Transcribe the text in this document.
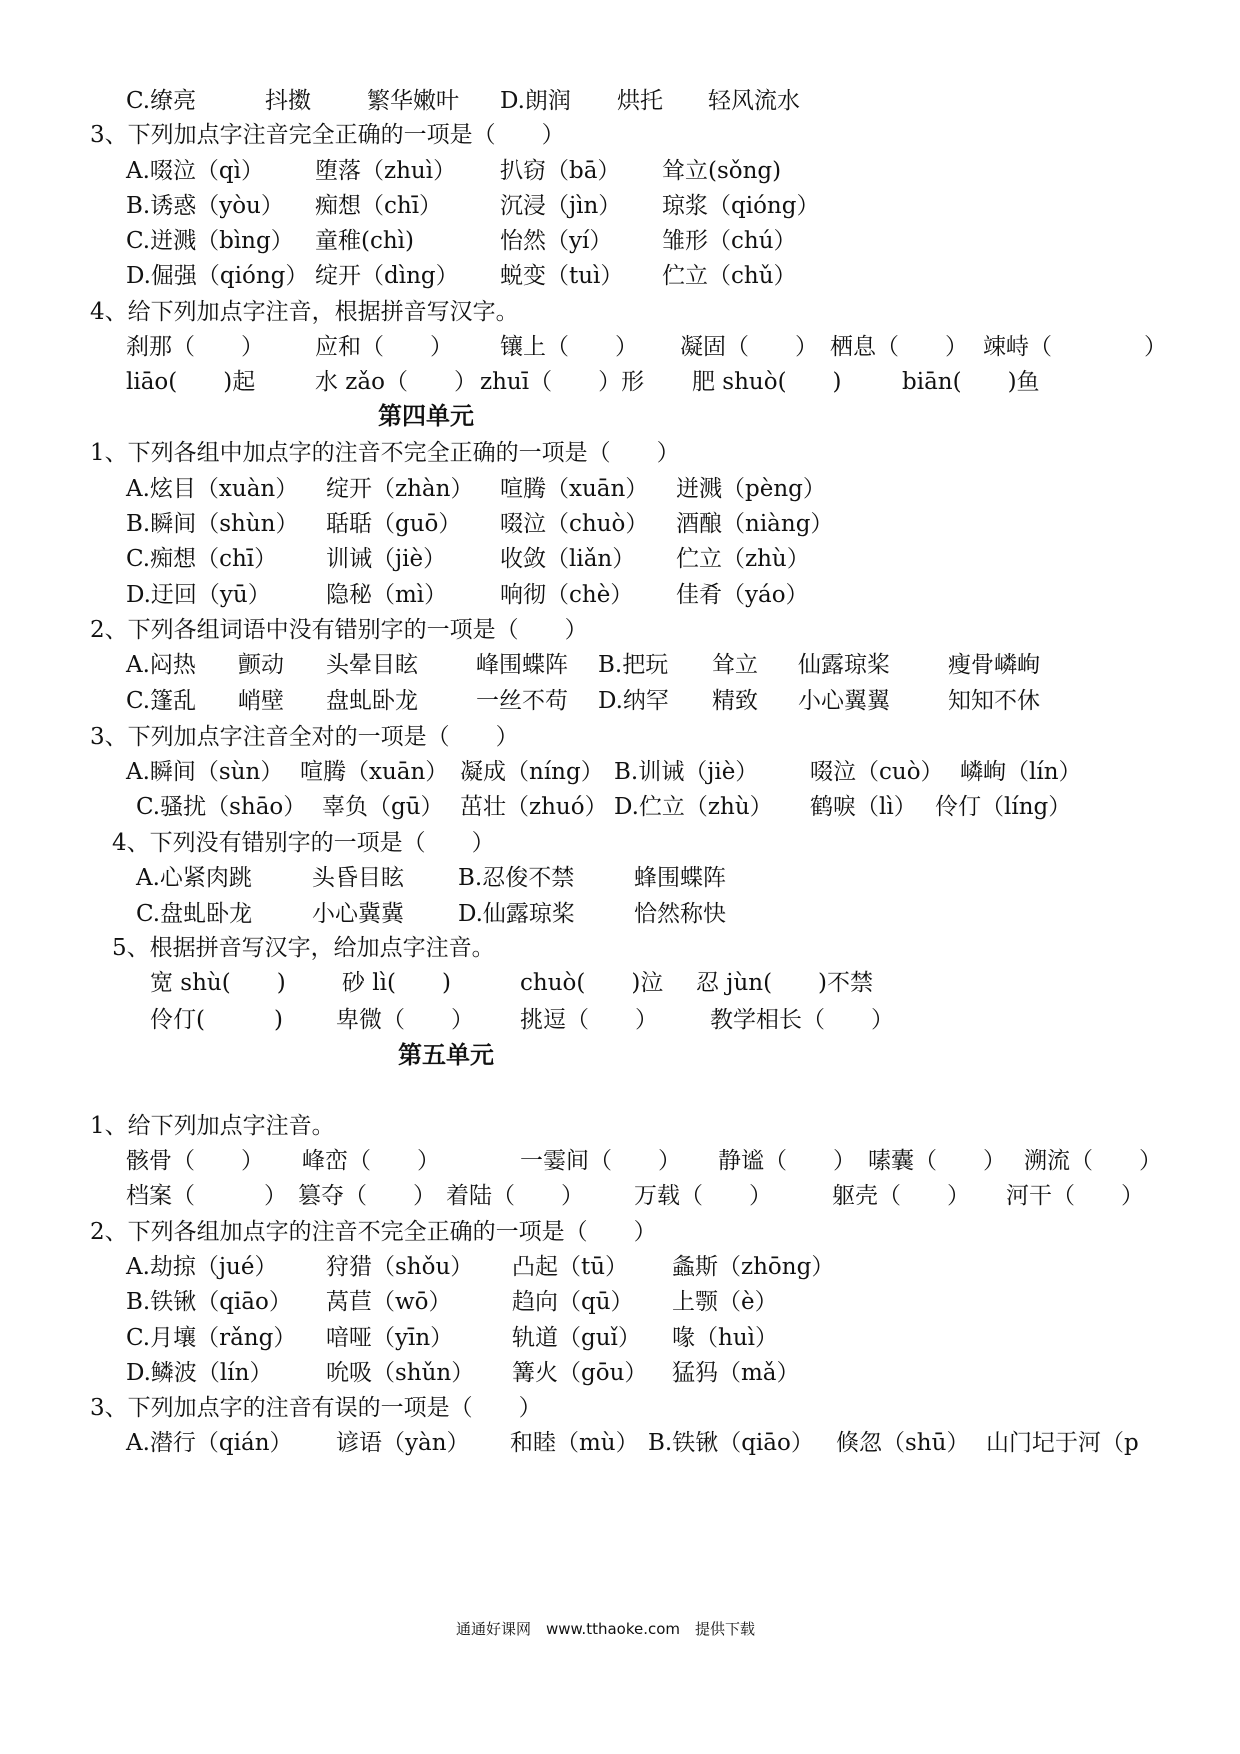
C.缭亮	抖擞 繁华嫩叶 D.朗润 烘托 轻风流水
3、下列加点字注音完全正确的一项是（　　）
A.啜泣（qì） 堕落（zhuì） 扒窃（bā） 耸立(sǒng)
B.诱惑（yòu） 痴想（chī）	沉浸（jìn） 琼浆（qióng）
C.迸溅（bìng） 童稚(chì)	怡然（yí） 雏形（chú）
D.倔强（qióng） 绽开（dìng） 蜕变（tuì） 伫立（chǔ）
4、给下列加点字注音，根据拼音写汉字。
刹那（　　） 应和（　　） 镶上（　　） 凝固（　　） 栖息（　　） 竦峙（　　　　）
liāo(　　)起	水 zǎo（　　） zhuī（　　）形 肥 shuò(　　)	biān(　　)鱼
第四单元
1、下列各组中加点字的注音不完全正确的一项是（　　）
A.炫目（xuàn） 绽开（zhàn） 喧腾（xuān） 迸溅（pèng）
B.瞬间（shùn） 聒聒（guō） 啜泣（chuò） 酒酿（niàng）
C.痴想（chī） 训诫（jiè） 收敛（liǎn） 伫立（zhù）
D.迂回（yū） 隐秘（mì） 响彻（chè） 佳肴（yáo）
2、下列各组词语中没有错别字的一项是（　　）
A.闷热 颤动 头晕目眩	峰围蝶阵 B.把玩 耸立 仙露琼桨	瘦骨嶙峋
C.篷乱 峭壁 盘虬卧龙	一丝不苟 D.纳罕 精致 小心翼翼	知知不休
3、下列加点字注音全对的一项是（　　）
A.瞬间（sùn） 喧腾（xuān） 凝成（níng） B.训诫（jiè） 啜泣（cuò） 嶙峋（lín）
C.骚扰（shāo） 辜负（gū） 茁壮（zhuó） D.伫立（zhù） 鹤唳（lì） 伶仃（líng）
4、下列没有错别字的一项是（　　）
A.心紧肉跳	头昏目眩 B.忍俊不禁	蜂围蝶阵
C.盘虬卧龙	小心冀冀 D.仙露琼桨	恰然称快
5、根据拼音写汉字，给加点字注音。
宽 shù(　　) 砂 lì(　　)	chuò(　　)泣 忍 jùn(　　)不禁
伶仃(　　　) 卑微（　　） 挑逗（　　） 教学相长（　　）
第五单元
1、给下列加点字注音。
骸骨（　　） 峰峦（　　）	一霎间（　　） 静谧（　　） 嗉囊（　　） 溯流（　　）
档案（　　　） 篡夺（　　） 着陆（　　） 万载（　　）	躯壳（　　） 河干（　　）
2、下列各组加点字的注音不完全正确的一项是（　　）
A.劫掠（jué） 狩猎（shǒu） 凸起（tū） 螽斯（zhōng）
B.铁锹（qiāo） 莴苣（wō）	趋向（qū） 上颚（è）
C.月壤（rǎng） 喑哑（yīn）	轨道（guǐ） 喙（huì）
D.鳞波（lín） 吮吸（shǔn） 篝火（gōu） 猛犸（mǎ）
3、下列加点字的注音有误的一项是（　　）
A.潜行（qián） 谚语（yàn） 和睦（mù） B.铁锹（qiāo） 倏忽（shū） 山门圮于河（p
通通好课网　www.tthaoke.com　提供下载
